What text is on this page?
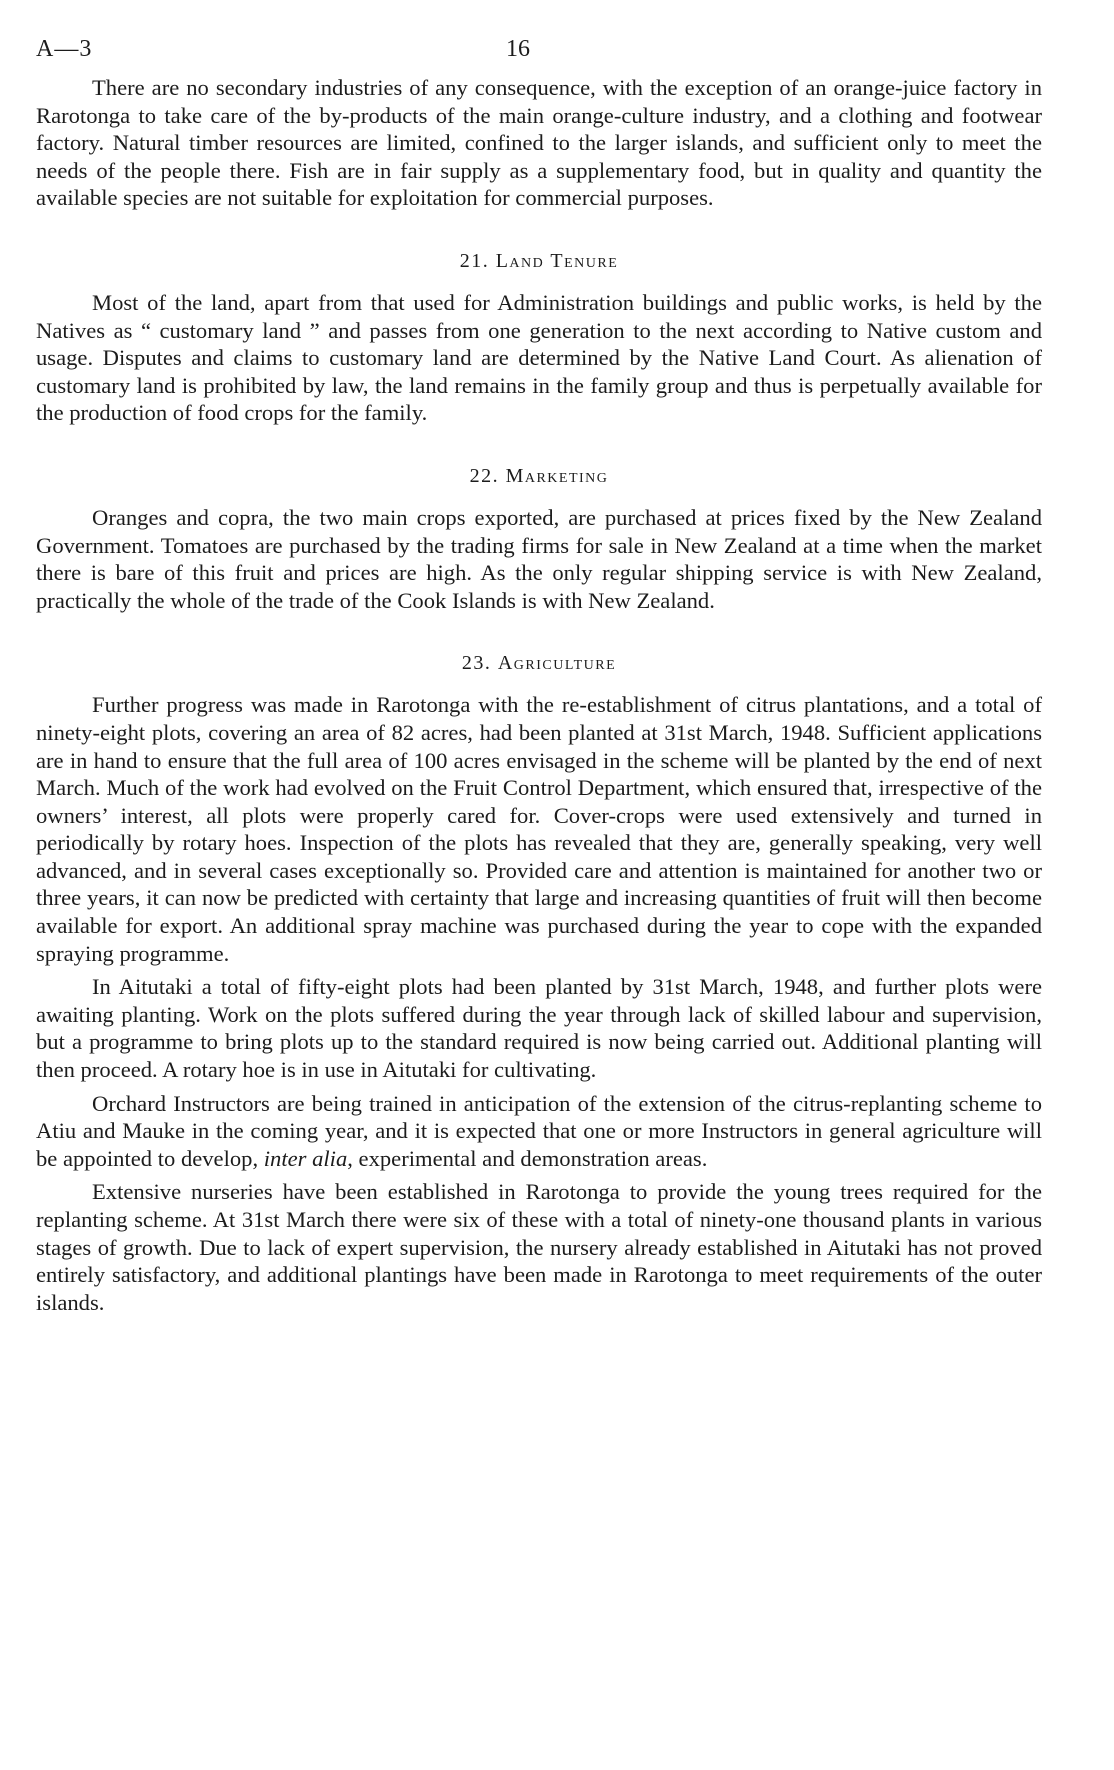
A—3	16

There are no secondary industries of any consequence, with the exception of an orange-juice factory in Rarotonga to take care of the by-products of the main orange-culture industry, and a clothing and footwear factory. Natural timber resources are limited, confined to the larger islands, and sufficient only to meet the needs of the people there. Fish are in fair supply as a supplementary food, but in quality and quantity the available species are not suitable for exploitation for commercial purposes.

21. Land Tenure

Most of the land, apart from that used for Administration buildings and public works, is held by the Natives as “ customary land ” and passes from one generation to the next according to Native custom and usage. Disputes and claims to customary land are determined by the Native Land Court. As alienation of customary land is prohibited by law, the land remains in the family group and thus is perpetually available for the production of food crops for the family.

22. Marketing

Oranges and copra, the two main crops exported, are purchased at prices fixed by the New Zealand Government. Tomatoes are purchased by the trading firms for sale in New Zealand at a time when the market there is bare of this fruit and prices are high. As the only regular shipping service is with New Zealand, practically the whole of the trade of the Cook Islands is with New Zealand.

23. Agriculture

Further progress was made in Rarotonga with the re-establishment of citrus plantations, and a total of ninety-eight plots, covering an area of 82 acres, had been planted at 31st March, 1948. Sufficient applications are in hand to ensure that the full area of 100 acres envisaged in the scheme will be planted by the end of next March. Much of the work had evolved on the Fruit Control Department, which ensured that, irrespective of the owners’ interest, all plots were properly cared for. Cover-crops were used extensively and turned in periodically by rotary hoes. Inspection of the plots has revealed that they are, generally speaking, very well advanced, and in several cases exceptionally so. Provided care and attention is maintained for another two or three years, it can now be predicted with certainty that large and increasing quantities of fruit will then become available for export. An additional spray machine was purchased during the year to cope with the expanded spraying programme.

In Aitutaki a total of fifty-eight plots had been planted by 31st March, 1948, and further plots were awaiting planting. Work on the plots suffered during the year through lack of skilled labour and supervision, but a programme to bring plots up to the standard required is now being carried out. Additional planting will then proceed. A rotary hoe is in use in Aitutaki for cultivating.

Orchard Instructors are being trained in anticipation of the extension of the citrus-replanting scheme to Atiu and Mauke in the coming year, and it is expected that one or more Instructors in general agriculture will be appointed to develop, inter alia, experimental and demonstration areas.

Extensive nurseries have been established in Rarotonga to provide the young trees required for the replanting scheme. At 31st March there were six of these with a total of ninety-one thousand plants in various stages of growth. Due to lack of expert supervision, the nursery already established in Aitutaki has not proved entirely satisfactory, and additional plantings have been made in Rarotonga to meet requirements of the outer islands.
